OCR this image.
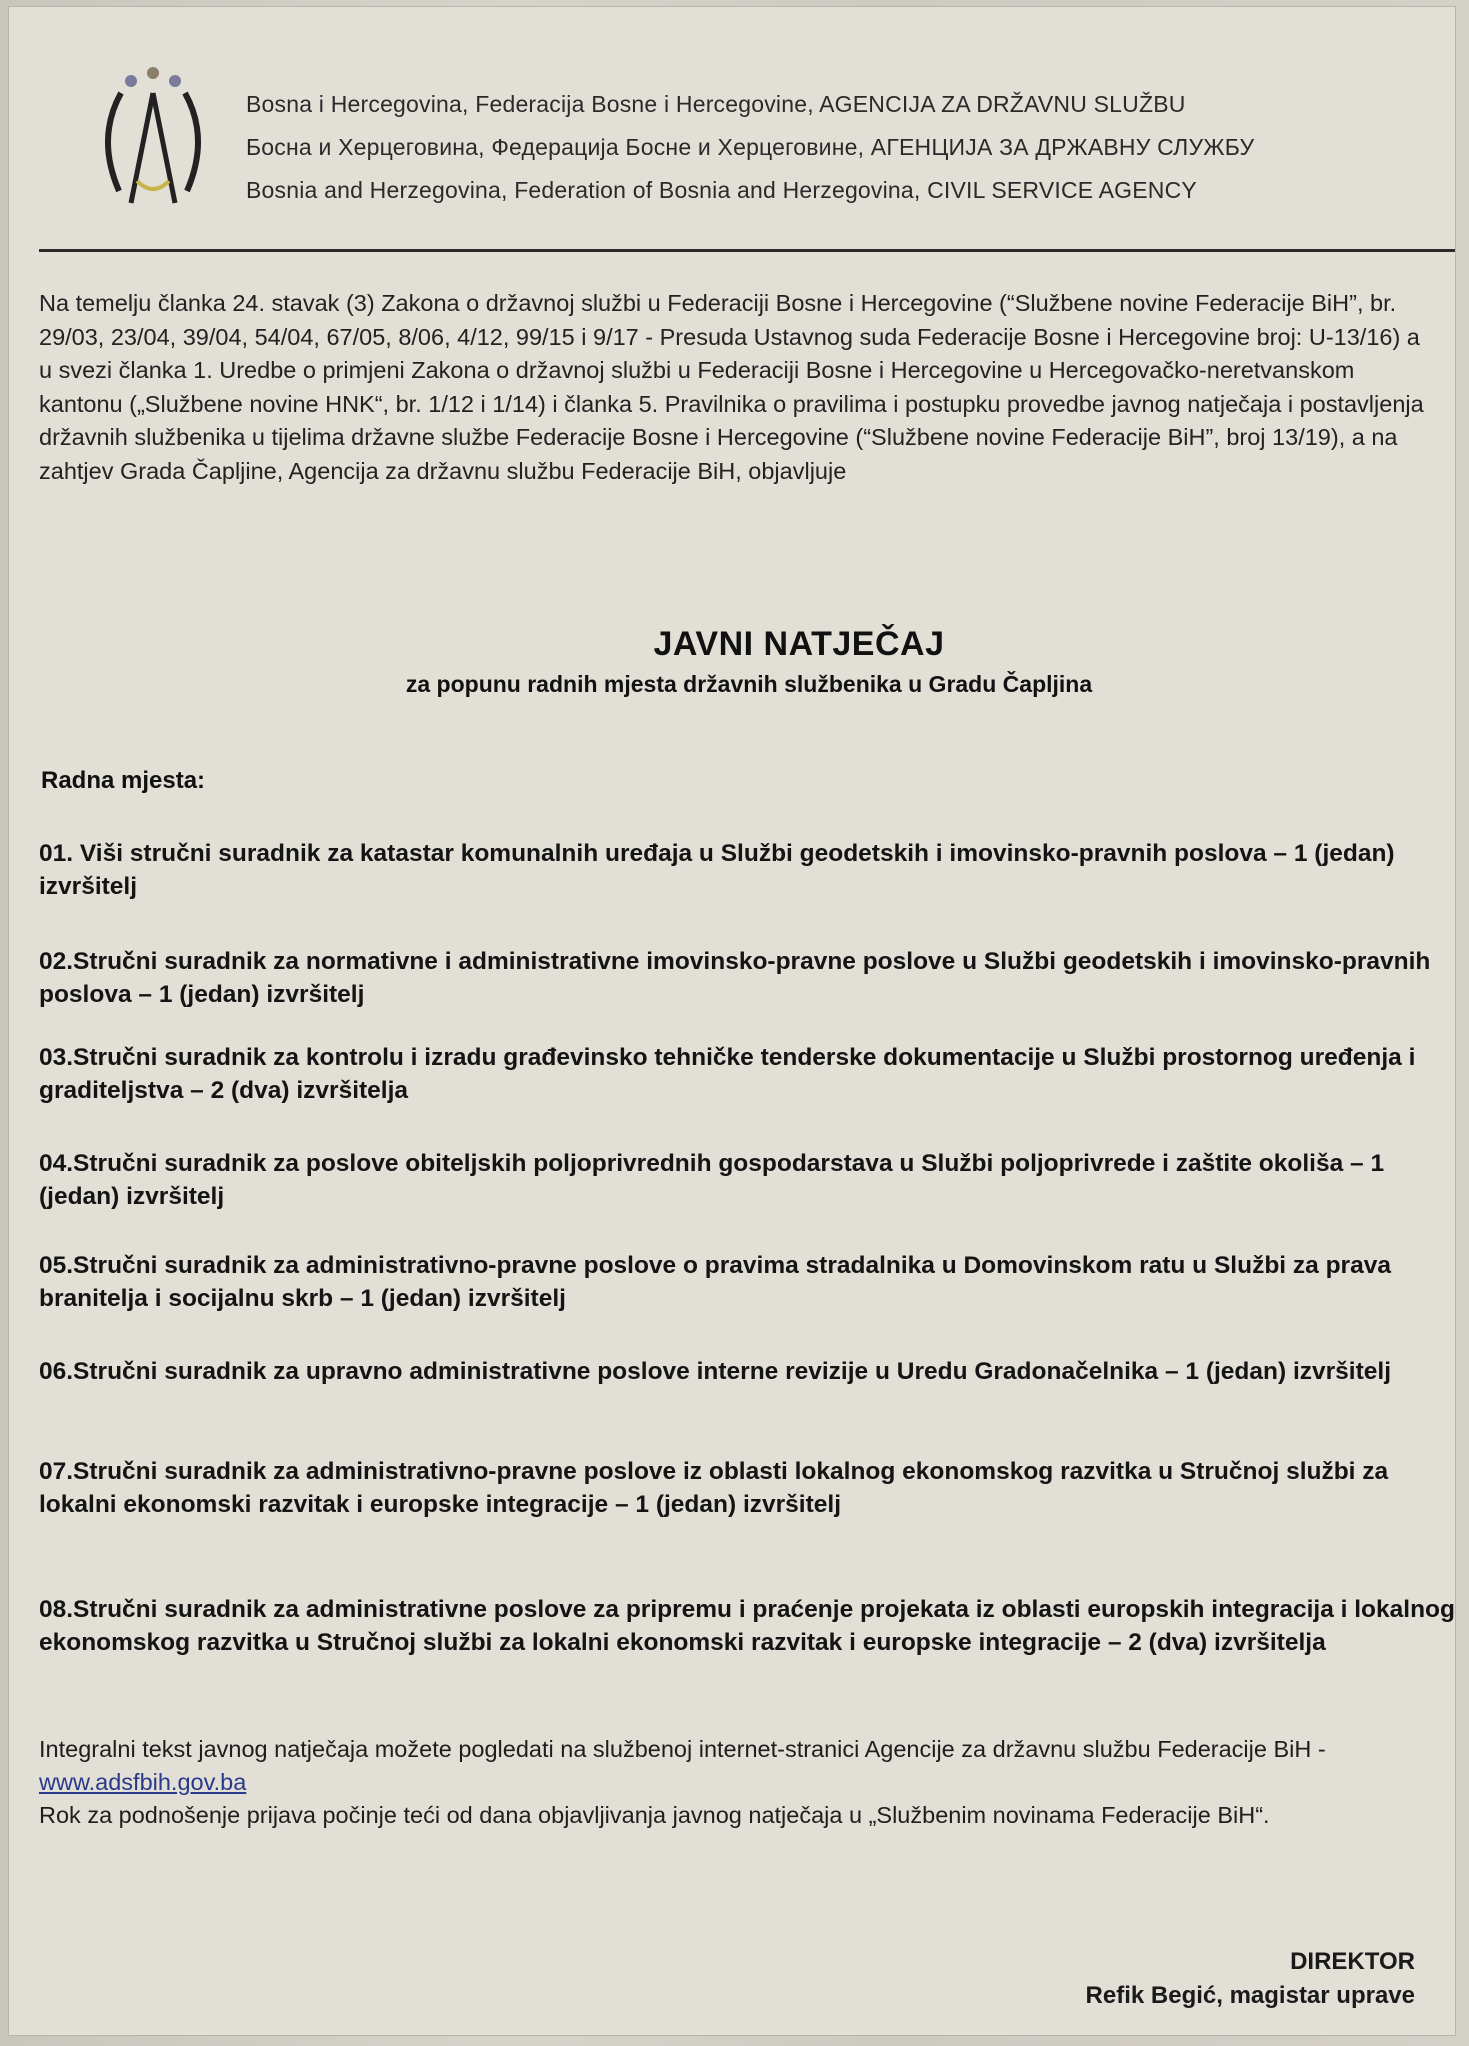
Bosna i Hercegovina, Federacija Bosne i Hercegovine, AGENCIJA ZA DRŽAVNU SLUŽBU
Босна и Херцеговина, Федерација Босне и Херцеговине, АГЕНЦИЈА ЗА ДРЖАВНУ СЛУЖБУ
Bosnia and Herzegovina, Federation of Bosnia and Herzegovina, CIVIL SERVICE AGENCY

Na temelju članka 24. stavak (3) Zakona o državnoj službi u Federaciji Bosne i Hercegovine (“Službene novine Federacije BiH”, br. 29/03, 23/04, 39/04, 54/04, 67/05, 8/06, 4/12, 99/15 i 9/17 - Presuda Ustavnog suda Federacije Bosne i Hercegovine broj: U-13/16) a u svezi članka 1. Uredbe o primjeni Zakona o državnoj službi u Federaciji Bosne i Hercegovine u Hercegovačko-neretvanskom kantonu („Službene novine HNK“, br. 1/12 i 1/14) i članka 5. Pravilnika o pravilima i postupku provedbe javnog natječaja i postavljenja državnih službenika u tijelima državne službe Federacije Bosne i Hercegovine (“Službene novine Federacije BiH”, broj 13/19), a na zahtjev Grada Čapljine, Agencija za državnu službu Federacije BiH, objavljuje

JAVNI NATJEČAJ
za popunu radnih mjesta državnih službenika u Gradu Čapljina
Radna mjesta:
01. Viši stručni suradnik za katastar komunalnih uređaja u Službi geodetskih i imovinsko-pravnih poslova – 1 (jedan) izvršitelj
02.Stručni suradnik za normativne i administrativne imovinsko-pravne poslove u Službi geodetskih i imovinsko-pravnih poslova – 1 (jedan) izvršitelj
03.Stručni suradnik za kontrolu i izradu građevinsko tehničke tenderske dokumentacije u Službi prostornog uređenja i graditeljstva – 2 (dva) izvršitelja
04.Stručni suradnik za poslove obiteljskih poljoprivrednih gospodarstava u Službi poljoprivrede i zaštite okoliša – 1 (jedan) izvršitelj
05.Stručni suradnik za administrativno-pravne poslove o pravima stradalnika u Domovinskom ratu u Službi za prava branitelja i socijalnu skrb – 1 (jedan) izvršitelj
06.Stručni suradnik za upravno administrativne poslove interne revizije u Uredu Gradonačelnika – 1 (jedan) izvršitelj
07.Stručni suradnik za administrativno-pravne poslove iz oblasti lokalnog ekonomskog razvitka u Stručnoj službi za lokalni ekonomski razvitak i europske integracije – 1 (jedan) izvršitelj
08.Stručni suradnik za administrativne poslove za pripremu i praćenje projekata iz oblasti europskih integracija i lokalnog ekonomskog razvitka u Stručnoj službi za lokalni ekonomski razvitak i europske integracije – 2 (dva) izvršitelja

Integralni tekst javnog natječaja možete pogledati na službenoj internet-stranici Agencije za državnu službu Federacije BiH - www.adsfbih.gov.ba

Rok za podnošenje prijava počinje teći od dana objavljivanja javnog natječaja u „Službenim novinama Federacije BiH“.

DIREKTOR
Refik Begić, magistar uprave
